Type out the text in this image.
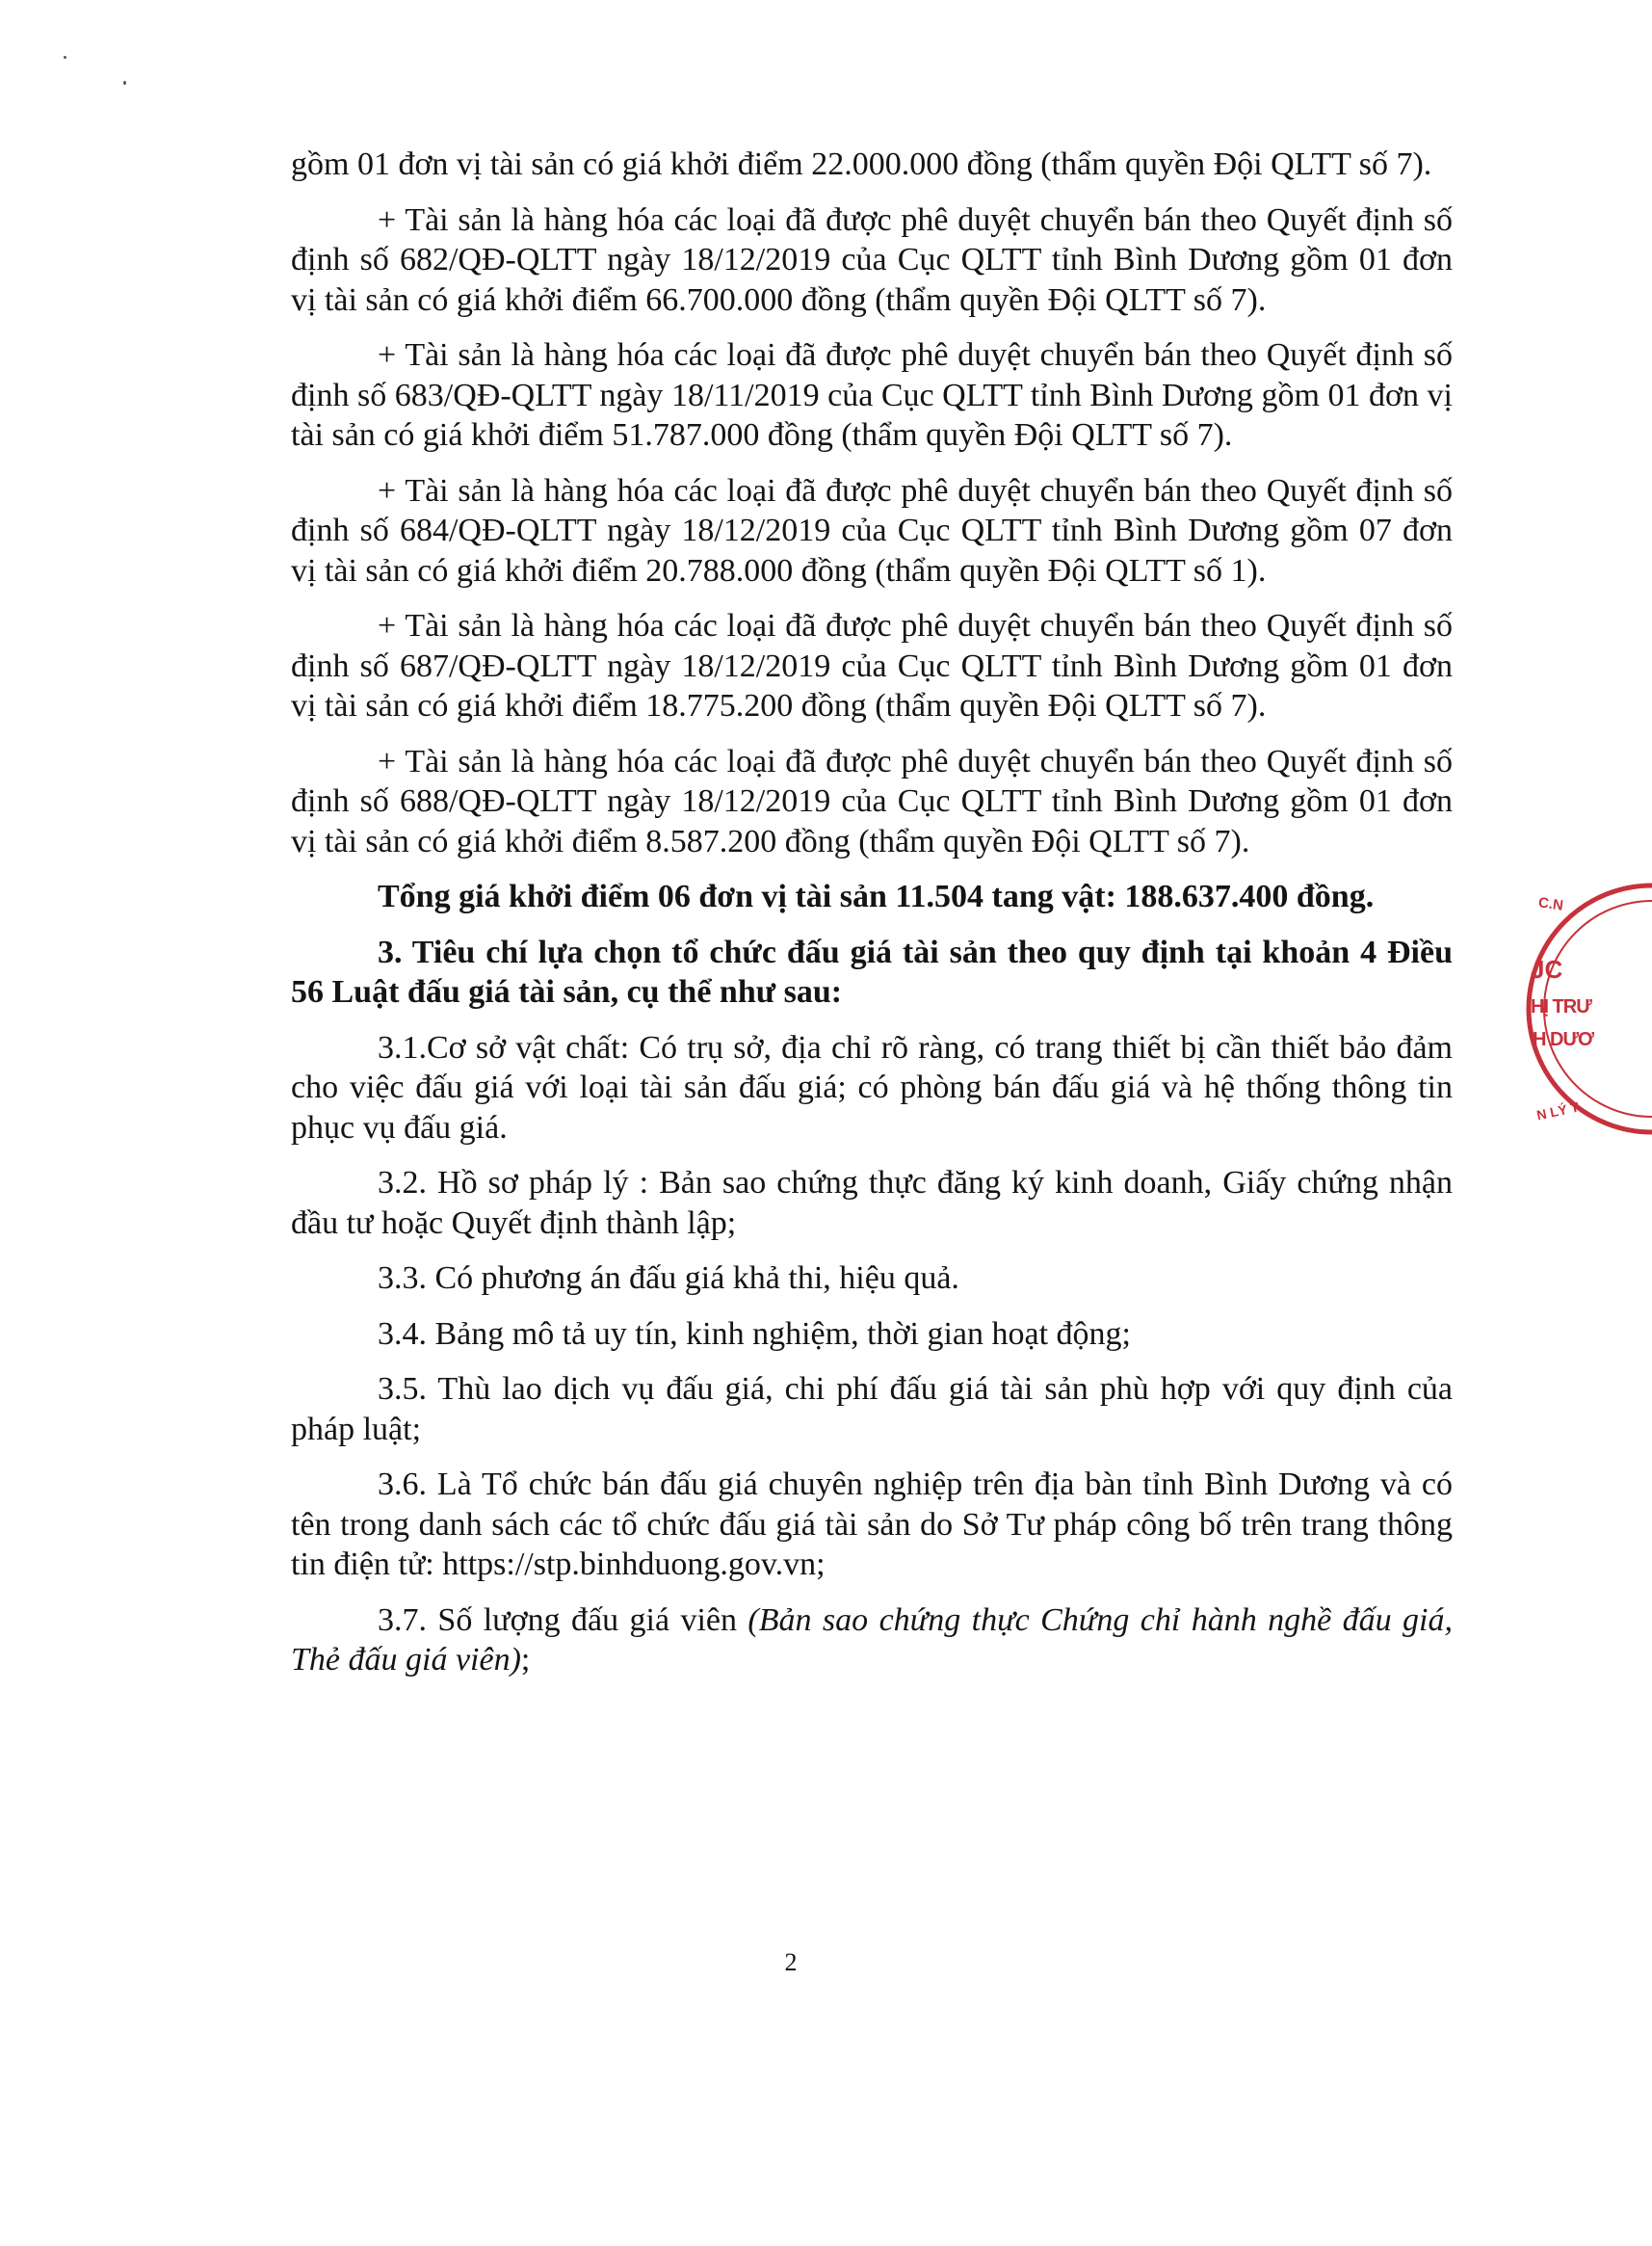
gồm 01 đơn vị tài sản có giá khởi điểm 22.000.000 đồng (thẩm quyền Đội QLTT số 7).

+ Tài sản là hàng hóa các loại đã được phê duyệt chuyển bán theo Quyết định số định số 682/QĐ-QLTT ngày 18/12/2019 của Cục QLTT tỉnh Bình Dương gồm 01 đơn vị tài sản có giá khởi điểm 66.700.000 đồng (thẩm quyền Đội QLTT số 7).

+ Tài sản là hàng hóa các loại đã được phê duyệt chuyển bán theo Quyết định số định số 683/QĐ-QLTT ngày 18/11/2019 của Cục QLTT tỉnh Bình Dương gồm 01 đơn vị tài sản có giá khởi điểm 51.787.000 đồng (thẩm quyền Đội QLTT số 7).

+ Tài sản là hàng hóa các loại đã được phê duyệt chuyển bán theo Quyết định số định số 684/QĐ-QLTT ngày 18/12/2019 của Cục QLTT tỉnh Bình Dương gồm 07 đơn vị tài sản có giá khởi điểm 20.788.000 đồng (thẩm quyền Đội QLTT số 1).

+ Tài sản là hàng hóa các loại đã được phê duyệt chuyển bán theo Quyết định số định số 687/QĐ-QLTT ngày 18/12/2019 của Cục QLTT tỉnh Bình Dương gồm 01 đơn vị tài sản có giá khởi điểm 18.775.200 đồng (thẩm quyền Đội QLTT số 7).

+ Tài sản là hàng hóa các loại đã được phê duyệt chuyển bán theo Quyết định số định số 688/QĐ-QLTT ngày 18/12/2019 của Cục QLTT tỉnh Bình Dương gồm 01 đơn vị tài sản có giá khởi điểm 8.587.200 đồng (thẩm quyền Đội QLTT số 7).

Tổng giá khởi điểm 06 đơn vị tài sản 11.504 tang vật: 188.637.400 đồng.

3. Tiêu chí lựa chọn tổ chức đấu giá tài sản theo quy định tại khoản 4 Điều 56 Luật đấu giá tài sản, cụ thể như sau:

3.1.Cơ sở vật chất: Có trụ sở, địa chỉ rõ ràng, có trang thiết bị cần thiết bảo đảm cho việc đấu giá với loại tài sản đấu giá; có phòng bán đấu giá và hệ thống thông tin phục vụ đấu giá.

3.2. Hồ sơ pháp lý : Bản sao chứng thực đăng ký kinh doanh, Giấy chứng nhận đầu tư hoặc Quyết định thành lập;

3.3. Có phương án đấu giá khả thi, hiệu quả.

3.4. Bảng mô tả uy tín, kinh nghiệm, thời gian hoạt động;

3.5. Thù lao dịch vụ đấu giá, chi phí đấu giá tài sản phù hợp với quy định của pháp luật;

3.6. Là Tổ chức bán đấu giá chuyên nghiệp trên địa bàn tỉnh Bình Dương và có tên trong danh sách các tổ chức đấu giá tài sản do Sở Tư pháp công bố trên trang thông tin điện tử: https://stp.binhduong.gov.vn;

3.7. Số lượng đấu giá viên (Bản sao chứng thực Chứng chỉ hành nghề đấu giá, Thẻ đấu giá viên);

2
C.N
JC
HỊ TRƯ
H DƯƠ
N LÝ T
